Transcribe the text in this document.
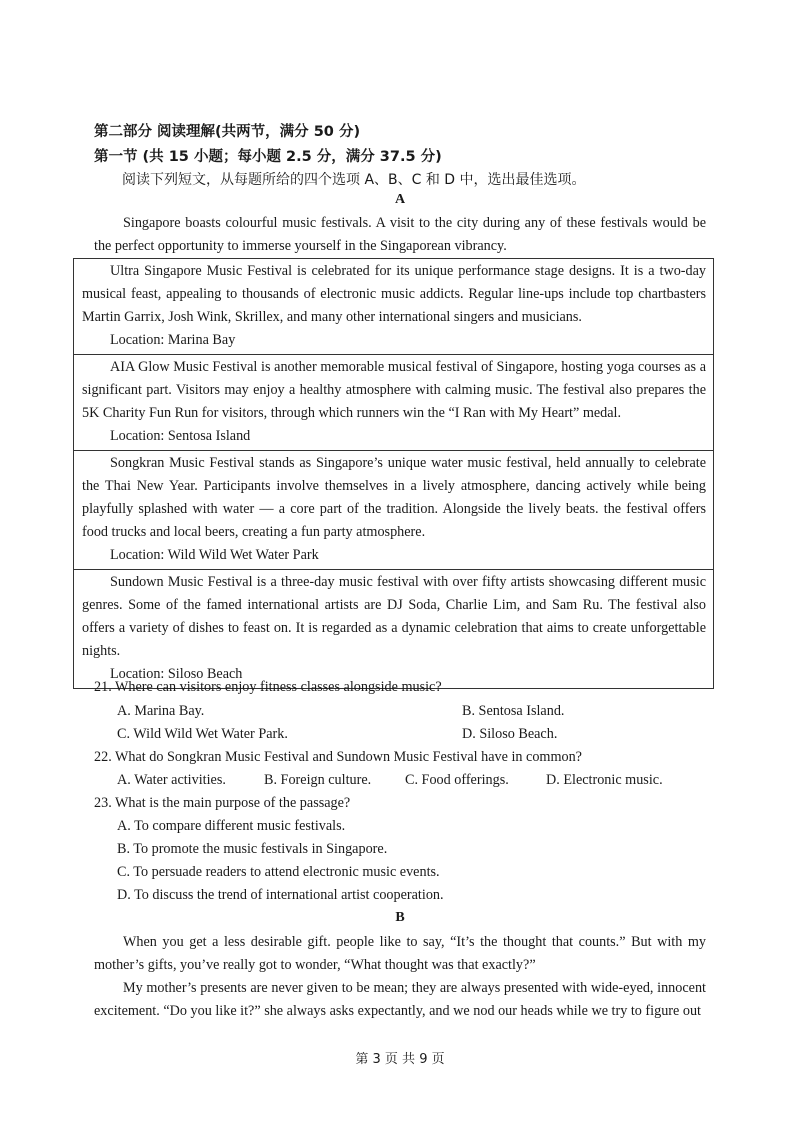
第二部分 阅读理解(共两节，满分 50 分)
第一节 (共 15 小题；每小题 2.5 分，满分 37.5 分)
阅读下列短文，从每题所给的四个选项 A、B、C 和 D 中，选出最佳选项。
A

Singapore boasts colourful music festivals. A visit to the city during any of these festivals would be the perfect opportunity to immerse yourself in the Singaporean vibrancy.

Ultra Singapore Music Festival is celebrated for its unique performance stage designs. It is a two-day musical feast, appealing to thousands of electronic music addicts. Regular line-ups include top chartbasters Martin Garrix, Josh Wink, Skrillex, and many other international singers and musicians.

Location: Marina Bay

AIA Glow Music Festival is another memorable musical festival of Singapore, hosting yoga courses as a significant part. Visitors may enjoy a healthy atmosphere with calming music. The festival also prepares the 5K Charity Fun Run for visitors, through which runners win the “I Ran with My Heart” medal.

Location: Sentosa Island

Songkran Music Festival stands as Singapore’s unique water music festival, held annually to celebrate the Thai New Year. Participants involve themselves in a lively atmosphere, dancing actively while being playfully splashed with water — a core part of the tradition. Alongside the lively beats. the festival offers food trucks and local beers, creating a fun party atmosphere.

Location: Wild Wild Wet Water Park

Sundown Music Festival is a three-day music festival with over fifty artists showcasing different music genres. Some of the famed international artists are DJ Soda, Charlie Lim, and Sam Ru. The festival also offers a variety of dishes to feast on. It is regarded as a dynamic celebration that aims to create unforgettable nights.

Location: Siloso Beach

21. Where can visitors enjoy fitness classes alongside music?
A. Marina Bay.	B. Sentosa Island.
C. Wild Wild Wet Water Park.	D. Siloso Beach.
22. What do Songkran Music Festival and Sundown Music Festival have in common?
A. Water activities.	B. Foreign culture. C. Food offerings.	D. Electronic music.
23. What is the main purpose of the passage?
A. To compare different music festivals.
B. To promote the music festivals in Singapore.
C. To persuade readers to attend electronic music events.
D. To discuss the trend of international artist cooperation.
B

When you get a less desirable gift. people like to say, “It’s the thought that counts.” But with my mother’s gifts, you’ve really got to wonder, “What thought was that exactly?”

My mother’s presents are never given to be mean; they are always presented with wide-eyed, innocent excitement. “Do you like it?” she always asks expectantly, and we nod our heads while we try to figure out

第 3 页 共 9 页
